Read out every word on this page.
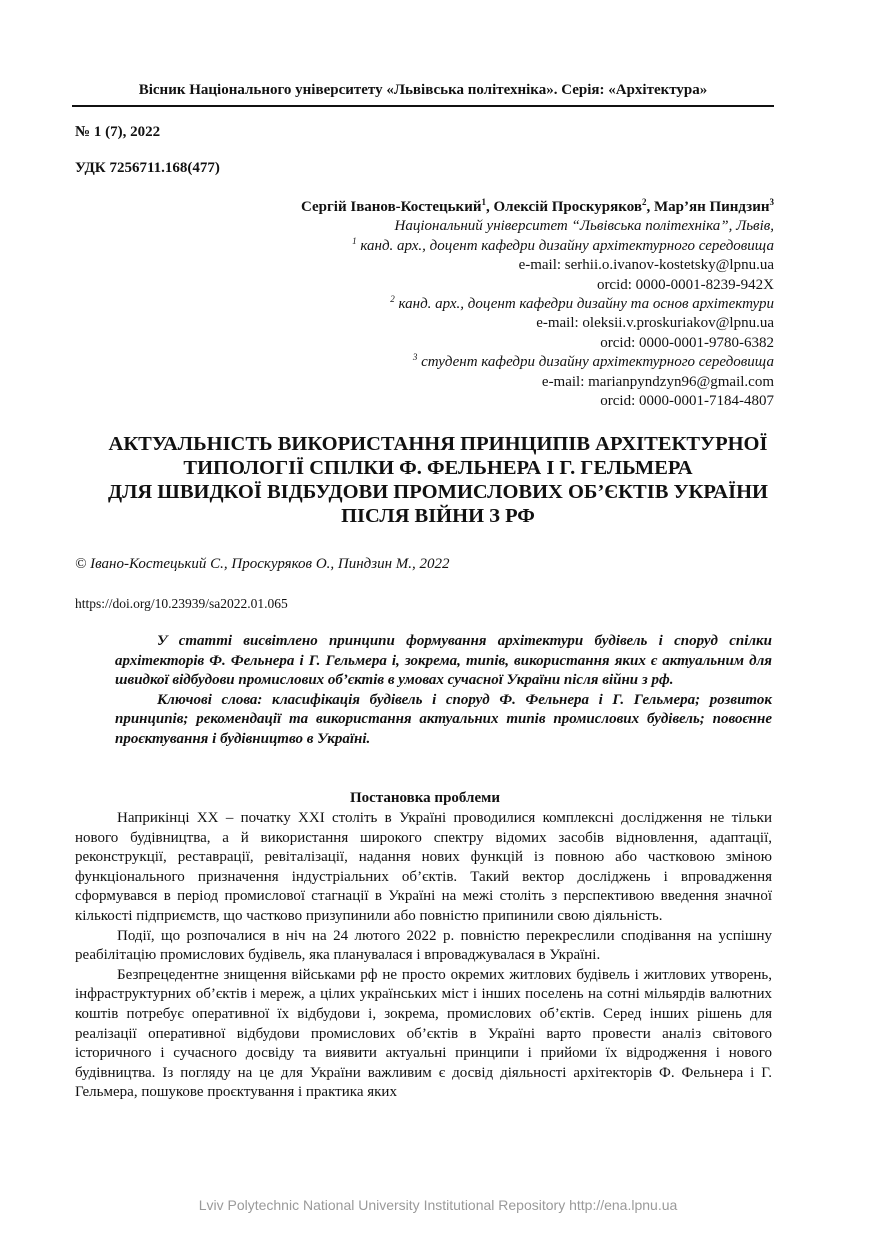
Вісник Національного університету «Львівська політехніка». Серія: «Архітектура»
№ 1 (7), 2022
УДК 7256711.168(477)
Сергій Іванов-Костецький$^1$, Олексій Проскуряков$^2$, Мар’ян Пиндзин$^3$
Національний університет “Львівська політехніка”, Львів,
$^1$ канд. арх., доцент кафедри дизайну архітектурного середовища
e-mail: serhii.o.ivanov-kostetsky@lpnu.ua
orcid: 0000-0001-8239-942X
$^2$ канд. арх., доцент кафедри дизайну та основ архітектури
e-mail: oleksii.v.proskuriakov@lpnu.ua
orcid: 0000-0001-9780-6382
$^3$ студент кафедри дизайну архітектурного середовища
e-mail: marianpyndzyn96@gmail.com
orcid: 0000-0001-7184-4807
АКТУАЛЬНІСТЬ ВИКОРИСТАННЯ ПРИНЦИПІВ АРХІТЕКТУРНОЇ
ТИПОЛОГІЇ СПІЛКИ Ф. ФЕЛЬНЕРА І Г. ГЕЛЬМЕРА
ДЛЯ ШВИДКОЇ ВІДБУДОВИ ПРОМИСЛОВИХ ОБ’ЄКТІВ УКРАЇНИ
ПІСЛЯ ВІЙНИ З РФ
© Івано-Костецький С., Проскуряков О., Пиндзин М., 2022
https://doi.org/10.23939/sa2022.01.065

У статті висвітлено принципи формування архітектури будівель і споруд спілки архітекторів Ф. Фельнера і Г. Гельмера і, зокрема, типів, використання яких є актуальним для швидкої відбудови промислових об’єктів в умовах сучасної України після війни з рф.

Ключові слова: класифікація будівель і споруд Ф. Фельнера і Г. Гельмера; розвиток принципів; рекомендації та використання актуальних типів промислових будівель; повоєнне проєктування і будівництво в Україні.

Постановка проблеми

Наприкінці XX – початку XXI століть в Україні проводилися комплексні дослідження не тільки нового будівництва, а й використання широкого спектру відомих засобів відновлення, адаптації, реконструкції, реставрації, ревіталізації, надання нових функцій із повною або частковою зміною функціонального призначення індустріальних об’єктів. Такий вектор досліджень і впровадження сформувався в період промислової стагнації в Україні на межі століть з перспективою введення значної кількості підприємств, що частково призупинили або повністю припинили свою діяльність.

Події, що розпочалися в ніч на 24 лютого 2022 р. повністю перекреслили сподівання на успішну реабілітацію промислових будівель, яка планувалася і впроваджувалася в Україні.

Безпрецедентне знищення військами рф не просто окремих житлових будівель і житлових утворень, інфраструктурних об’єктів і мереж, а цілих українських міст і інших поселень на сотні мільярдів валютних коштів потребує оперативної їх відбудови і, зокрема, промислових об’єктів. Серед інших рішень для реалізації оперативної відбудови промислових об’єктів в Україні варто провести аналіз світового історичного і сучасного досвіду та виявити актуальні принципи і прийоми їх відродження і нового будівництва. Із погляду на це для України важливим є досвід діяльності архітекторів Ф. Фельнера і Г. Гельмера, пошукове проєктування і практика яких

Lviv Polytechnic National University Institutional Repository http://ena.lpnu.ua
